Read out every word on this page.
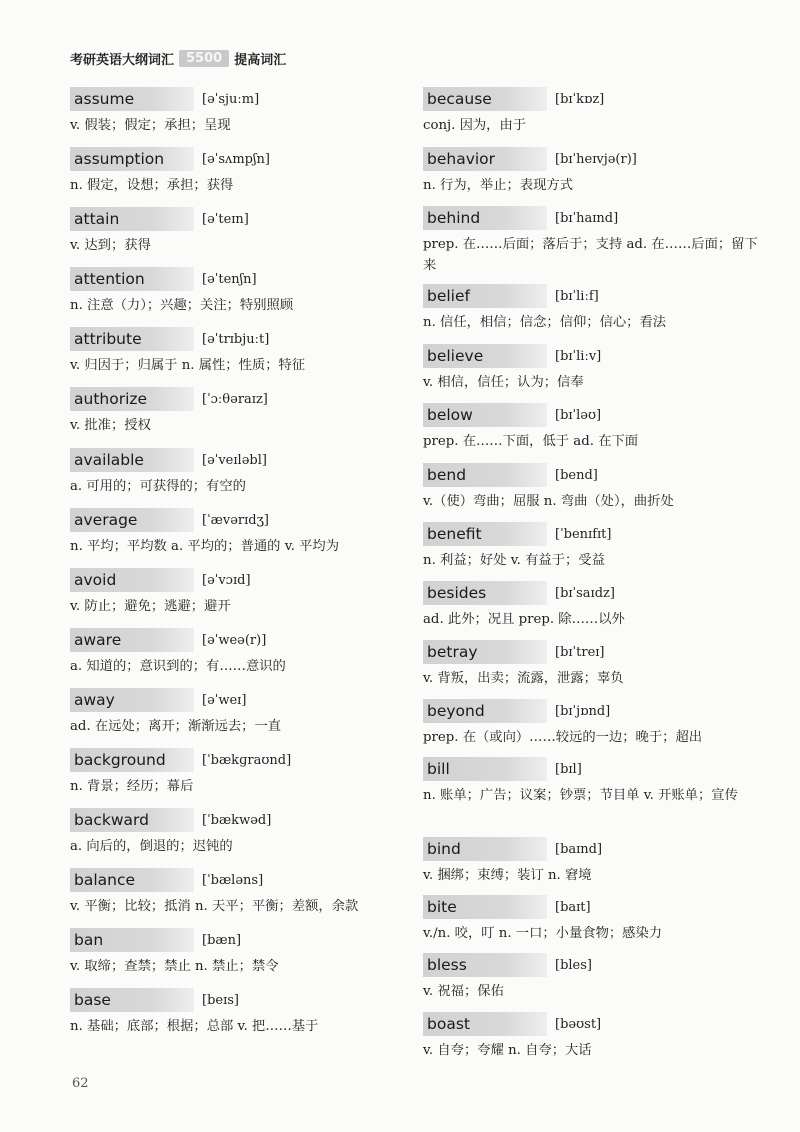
考研英语大纲词汇 5500 提高词汇
assume	[əˈsjuːm]
v. 假装；假定；承担；呈现
assumption	[əˈsʌmpʃn]
n. 假定，设想；承担；获得
attain	[əˈteɪn]
v. 达到；获得
attention	[əˈtenʃn]
n. 注意（力）；兴趣；关注；特别照顾
attribute	[əˈtrɪbjuːt]
v. 归因于；归属于 n. 属性；性质；特征
authorize	[ˈɔːθəraɪz]
v. 批准；授权
available	[əˈveɪləbl]
a. 可用的；可获得的；有空的
average	[ˈævərɪdʒ]
n. 平均；平均数 a. 平均的；普通的 v. 平均为
avoid	[əˈvɔɪd]
v. 防止；避免；逃避；避开
aware	[əˈweə(r)]
a. 知道的；意识到的；有……意识的
away	[əˈweɪ]
ad. 在远处；离开；渐渐远去；一直
background	[ˈbækɡraʊnd]
n. 背景；经历；幕后
backward	[ˈbækwəd]
a. 向后的，倒退的；迟钝的
balance	[ˈbæləns]
v. 平衡；比较；抵消 n. 天平；平衡；差额，余款
ban	[bæn]
v. 取缔；查禁；禁止 n. 禁止；禁令
base	[beɪs]
n. 基础；底部；根据；总部 v. 把……基于
because	[bɪˈkɒz]
conj. 因为，由于
behavior	[bɪˈheɪvjə(r)]
n. 行为，举止；表现方式
behind	[bɪˈhaɪnd]
prep. 在……后面；落后于；支持 ad. 在……后面；留下来
belief	[bɪˈliːf]
n. 信任，相信；信念；信仰；信心；看法
believe	[bɪˈliːv]
v. 相信，信任；认为；信奉
below	[bɪˈləʊ]
prep. 在……下面，低于 ad. 在下面
bend	[bend]
v.（使）弯曲；屈服 n. 弯曲（处），曲折处
benefit	[ˈbenɪfɪt]
n. 利益；好处 v. 有益于；受益
besides	[bɪˈsaɪdz]
ad. 此外；况且 prep. 除……以外
betray	[bɪˈtreɪ]
v. 背叛，出卖；流露，泄露；辜负
beyond	[bɪˈjɒnd]
prep. 在（或向）……较远的一边；晚于；超出
bill	[bɪl]
n. 账单；广告；议案；钞票；节目单 v. 开账单；宣传
bind	[baɪnd]
v. 捆绑；束缚；装订 n. 窘境
bite	[baɪt]
v./n. 咬，叮 n. 一口；小量食物；感染力
bless	[bles]
v. 祝福；保佑
boast	[bəʊst]
v. 自夸；夸耀 n. 自夸；大话
62
